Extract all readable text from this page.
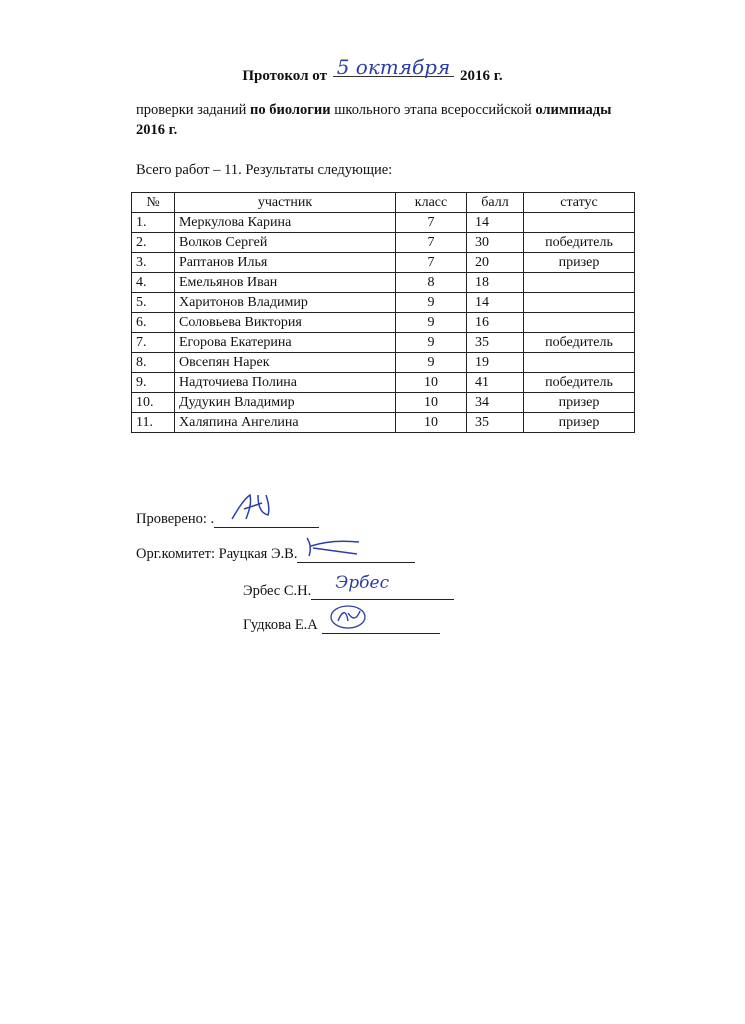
Протокол от 5 октября 2016 г.
проверки заданий по биологии школьного этапа всероссийской олимпиады
2016 г.
Всего работ – 11. Результаты следующие:
№	участник	класс	балл	статус
1.	Меркулова Карина	7	14	
2.	Волков Сергей	7	30	победитель
3.	Раптанов Илья	7	20	призер
4.	Емельянов Иван	8	18	
5.	Харитонов Владимир	9	14	
6.	Соловьева Виктория	9	16	
7.	Егорова Екатерина	9	35	победитель
8.	Овсепян Нарек	9	19	
9.	Надточиева Полина	10	41	победитель
10.	Дудукин Владимир	10	34	призер
11.	Халяпина Ангелина	10	35	призер
Проверено: .
Орг.комитет: Рауцкая Э.В.
Эрбес С.Н. Эрбес
Гудкова Е.А
